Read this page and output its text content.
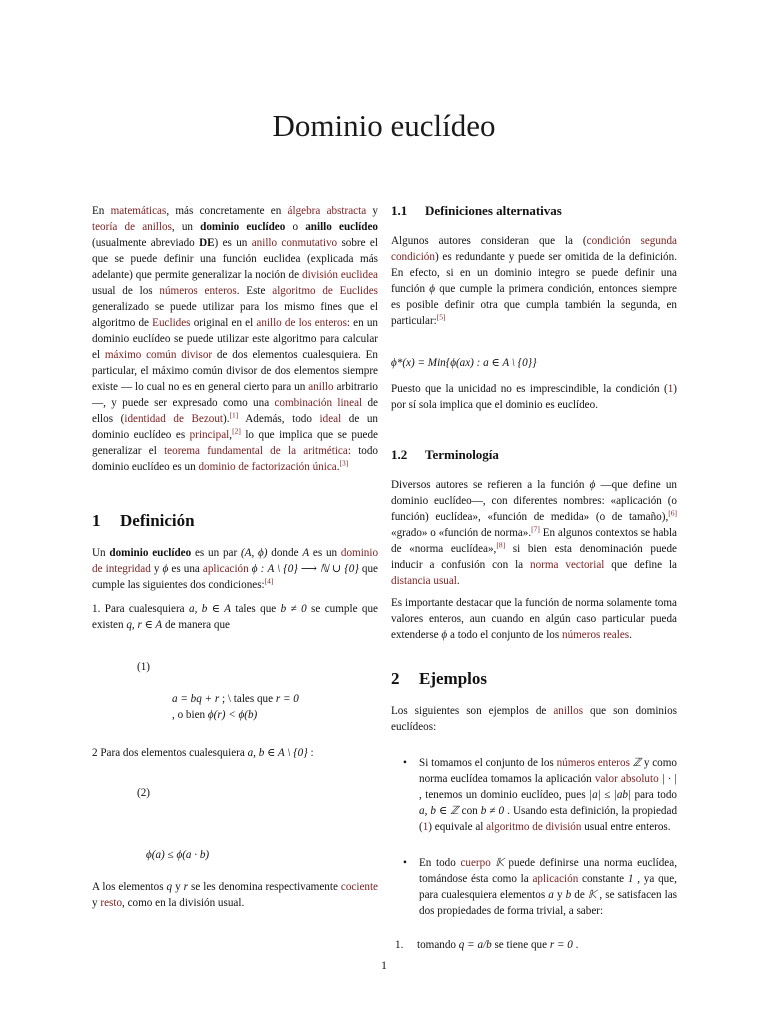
Dominio euclídeo

En matemáticas, más concretamente en álgebra abstracta y teoría de anillos, un dominio euclídeo o anillo euclídeo (usualmente abreviado DE) es un anillo conmutativo sobre el que se puede definir una función euclidea (explicada más adelante) que permite generalizar la noción de división euclidea usual de los números enteros. Este algoritmo de Euclides generalizado se puede utilizar para los mismo fines que el algoritmo de Euclides original en el anillo de los enteros: en un dominio euclídeo se puede utilizar este algoritmo para calcular el máximo común divisor de dos elementos cualesquiera. En particular, el máximo común divisor de dos elementos siempre existe — lo cual no es en general cierto para un anillo arbitrario—, y puede ser expresado como una combinación lineal de ellos (identidad de Bezout).[1] Además, todo ideal de un dominio euclídeo es principal,[2] lo que implica que se puede generalizar el teorema fundamental de la aritmética: todo dominio euclídeo es un dominio de factorización única.[3]

1 Definición

Un dominio euclídeo es un par (A, ϕ) donde A es un dominio de integridad y ϕ es una aplicación ϕ : A \ {0} ⟶ ℕ ∪ {0} que cumple las siguientes dos condiciones:[4]

1. Para cualesquiera a, b ∈ A tales que b ≠ 0 se cumple que existen q, r ∈ A de manera que

(1)
a = bq + r ; \ tales que r = 0 , o bien ϕ(r) < ϕ(b)

2 Para dos elementos cualesquiera a, b ∈ A \ {0} :

(2)
ϕ(a) ≤ ϕ(a · b)

A los elementos q y r se les denomina respectivamente cociente y resto, como en la división usual.

1.1 Definiciones alternativas

Algunos autores consideran que la (condición segunda condición) es redundante y puede ser omitida de la definición. En efecto, si en un dominio integro se puede definir una función ϕ que cumple la primera condición, entonces siempre es posible definir otra que cumpla también la segunda, en particular:[5]

ϕ*(x) = Min{ϕ(ax) : a ∈ A \ {0}}

Puesto que la unicidad no es imprescindible, la condición (1) por sí sola implica que el dominio es euclídeo.

1.2 Terminología

Diversos autores se refieren a la función ϕ —que define un dominio euclídeo—, con diferentes nombres: «aplicación (o función) euclídea», «función de medida» (o de tamaño),[6] «grado» o «función de norma».[7] En algunos contextos se habla de «norma euclídea»,[8] si bien esta denominación puede inducir a confusión con la norma vectorial que define la distancia usual.

Es importante destacar que la función de norma solamente toma valores enteros, aun cuando en algún caso particular pueda extenderse ϕ a todo el conjunto de los números reales.

2 Ejemplos

Los siguientes son ejemplos de anillos que son dominios euclídeos:

•	Si tomamos el conjunto de los números enteros ℤ y como norma euclídea tomamos la aplicación valor absoluto | · | , tenemos un dominio euclídeo, pues |a| ≤ |ab| para todo a, b ∈ ℤ con b ≠ 0 . Usando esta definición, la propiedad (1) equivale al algoritmo de división usual entre enteros.
•	En todo cuerpo 𝕂 puede definirse una norma euclídea, tomándose ésta como la aplicación constante 1 , ya que, para cualesquiera elementos a y b de 𝕂 , se satisfacen las dos propiedades de forma trivial, a saber:
1.	tomando q = a/b se tiene que r = 0 .
1
